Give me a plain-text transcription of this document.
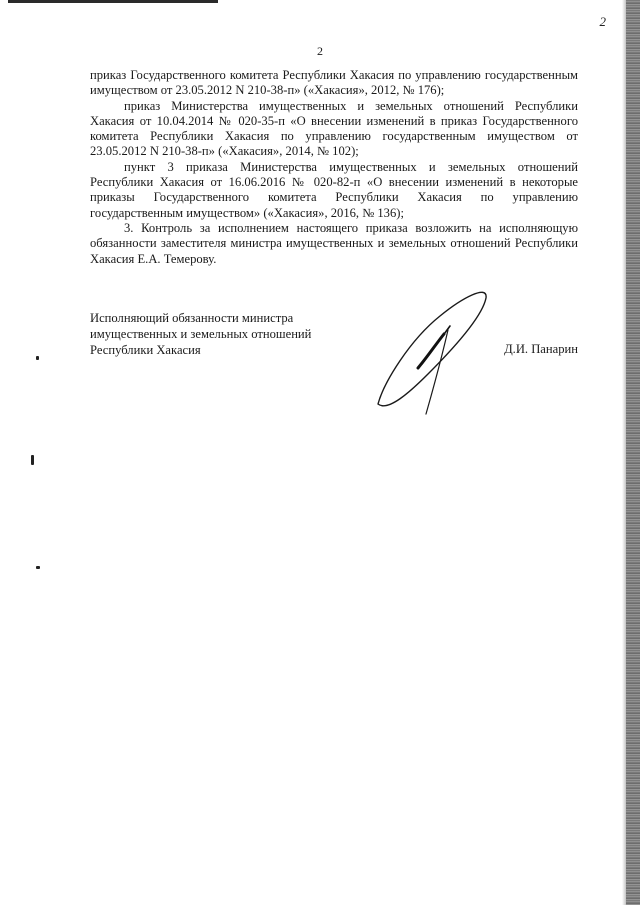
2
2

приказ Государственного комитета Республики Хакасия по управлению государственным имуществом от 23.05.2012 N 210-38-п» («Хакасия», 2012, № 176);

приказ Министерства имущественных и земельных отношений Республики Хакасия от 10.04.2014 № 020-35-п «О внесении изменений в приказ Государственного комитета Республики Хакасия по управлению государственным имуществом от 23.05.2012 N 210-38-п» («Хакасия», 2014, № 102);

пункт 3 приказа Министерства имущественных и земельных отношений Республики Хакасия от 16.06.2016 № 020-82-п «О внесении изменений в некоторые приказы Государственного комитета Республики Хакасия по управлению государственным имуществом» («Хакасия», 2016, № 136);

3. Контроль за исполнением настоящего приказа возложить на исполняющую обязанности заместителя министра имущественных и земельных отношений Республики Хакасия Е.А. Темерову.

Исполняющий обязанности министра
имущественных и земельных отношений
Республики Хакасия	Д.И. Панарин
